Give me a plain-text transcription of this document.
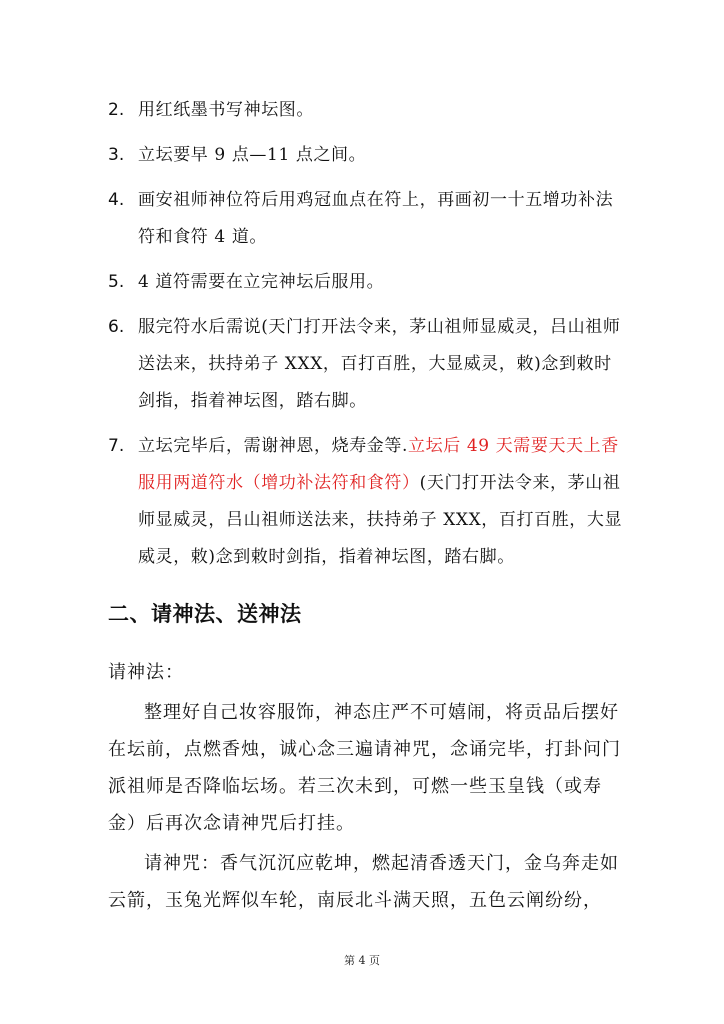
2. 用红纸墨书写神坛图。
3. 立坛要早 9 点—11 点之间。
4. 画安祖师神位符后用鸡冠血点在符上，再画初一十五增功补法符和食符 4 道。
5. 4 道符需要在立完神坛后服用。
6. 服完符水后需说(天门打开法令来，茅山祖师显威灵，吕山祖师送法来，扶持弟子 XXX，百打百胜，大显威灵，敕)念到敕时剑指，指着神坛图，踏右脚。
7. 立坛完毕后，需谢神恩，烧寿金等.立坛后 49 天需要天天上香服用两道符水（增功补法符和食符）(天门打开法令来，茅山祖师显威灵，吕山祖师送法来，扶持弟子 XXX，百打百胜，大显威灵，敕)念到敕时剑指，指着神坛图，踏右脚。
二、请神法、送神法

请神法：

整理好自己妆容服饰，神态庄严不可嬉闹，将贡品后摆好在坛前，点燃香烛，诚心念三遍请神咒，念诵完毕，打卦问门派祖师是否降临坛场。若三次未到，可燃一些玉皇钱（或寿金）后再次念请神咒后打挂。

请神咒：香气沉沉应乾坤，燃起清香透天门，金乌奔走如云箭，玉兔光辉似车轮，南辰北斗满天照，五色云阐纷纷，

第 4 页
